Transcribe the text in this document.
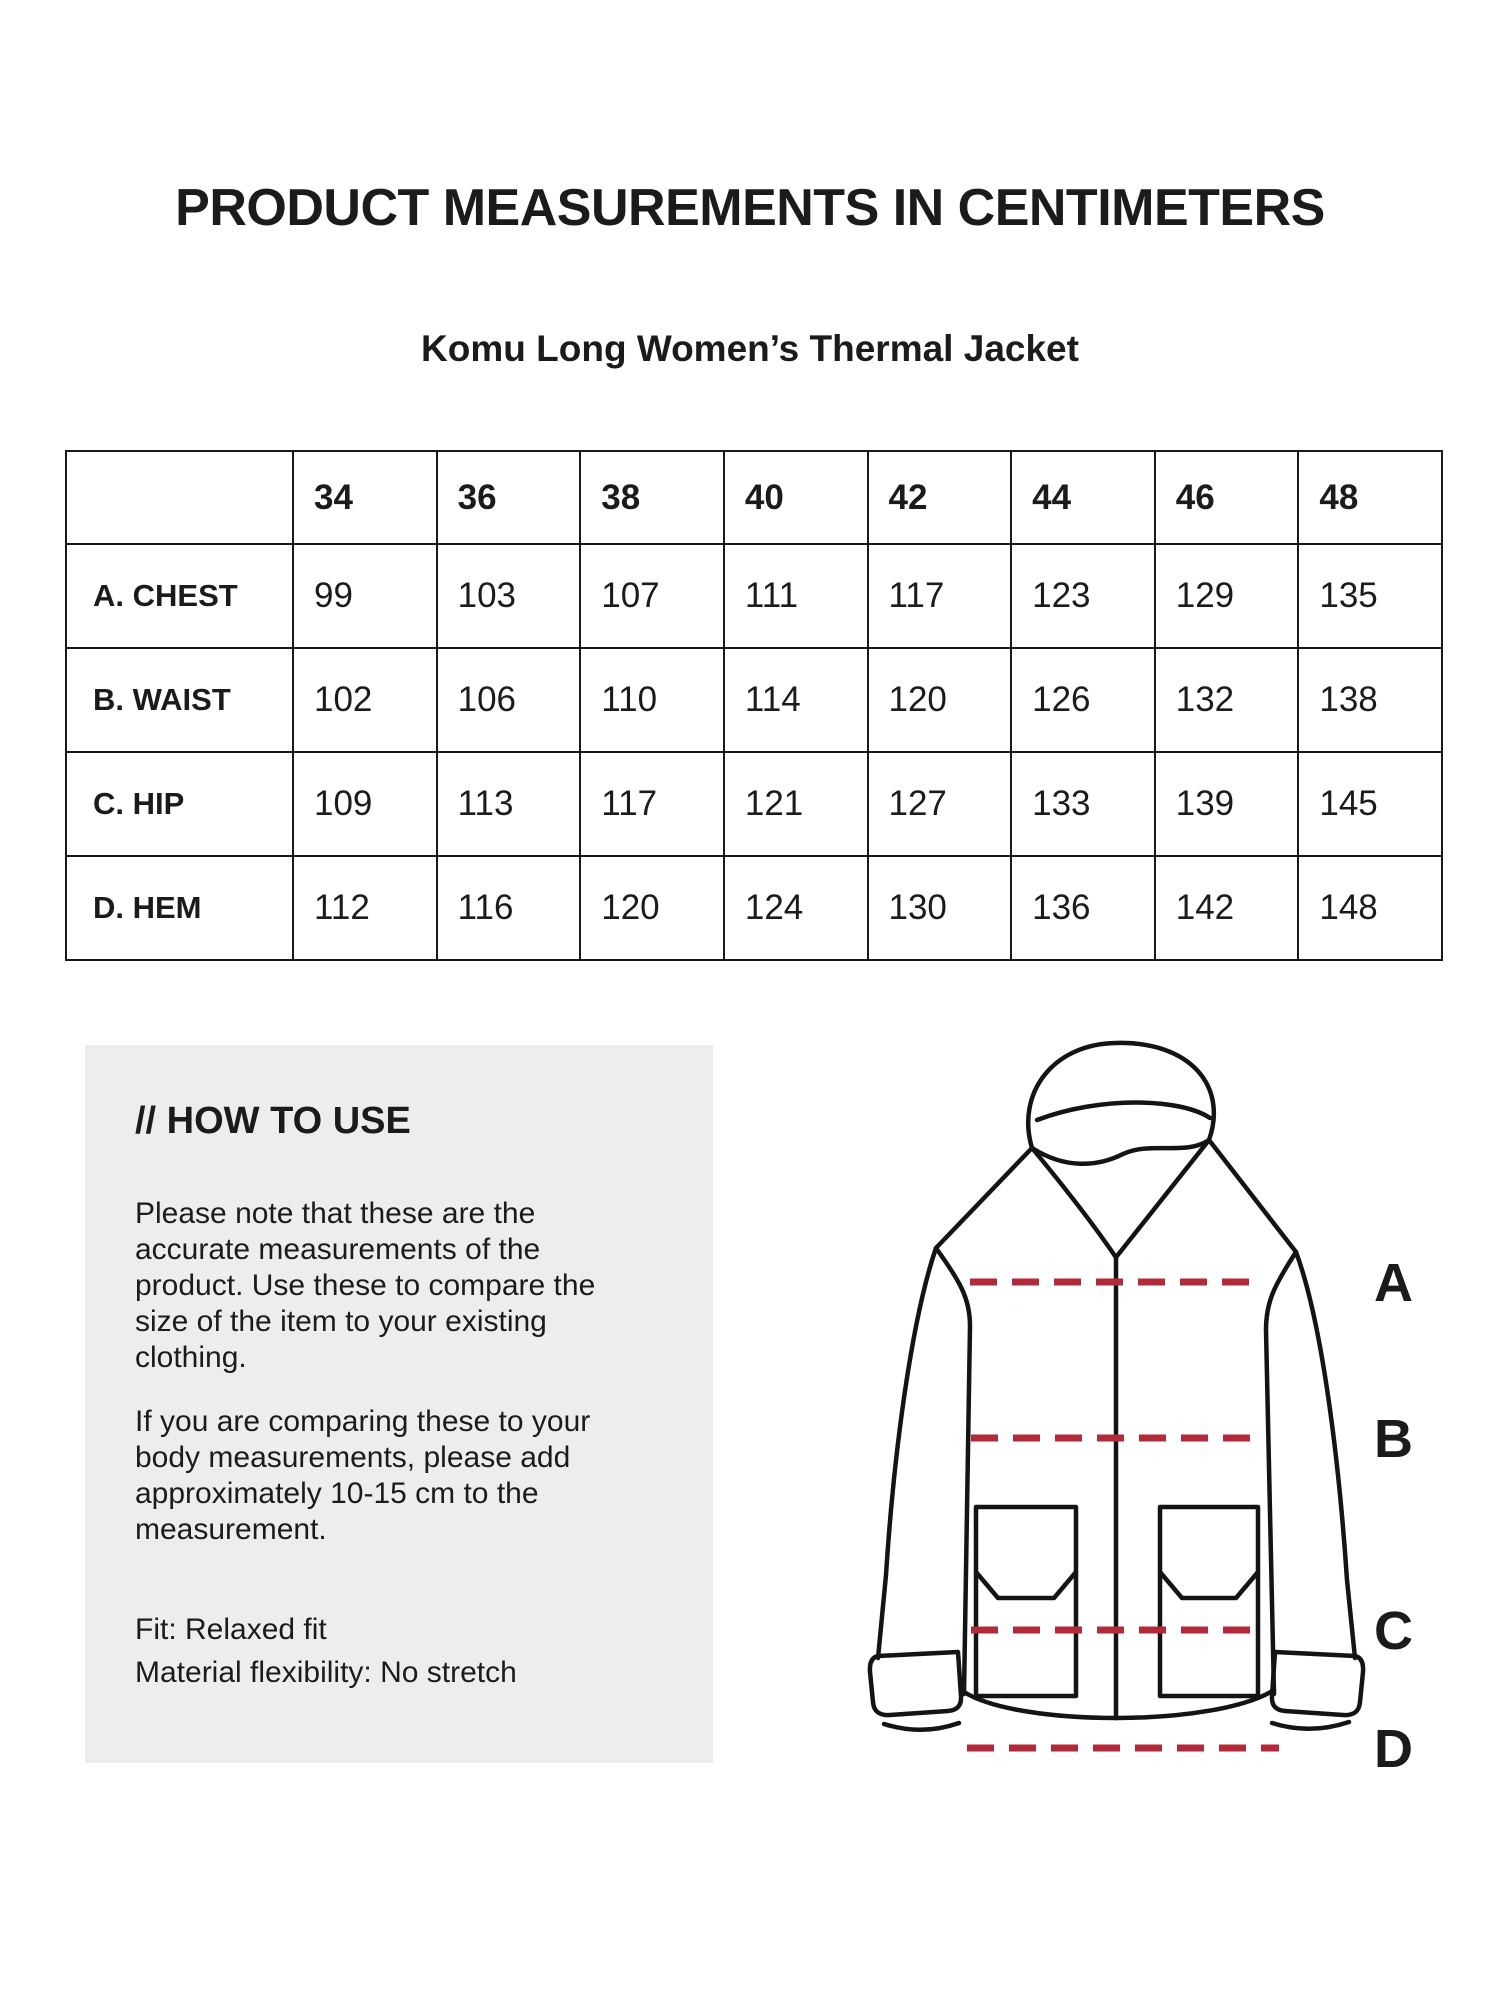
PRODUCT MEASUREMENTS IN CENTIMETERS
Komu Long Women’s Thermal Jacket
	34	36	38	40	42	44	46	48
A. CHEST	99	103	107	111	117	123	129	135
B. WAIST	102	106	110	114	120	126	132	138
C. HIP	109	113	117	121	127	133	139	145
D. HEM	112	116	120	124	130	136	142	148
// HOW TO USE
Please note that these are the accurate measurements of the product. Use these to compare the size of the item to your existing clothing.
If you are comparing these to your body measurements, please add approximately 10-15 cm to the measurement.
Fit: Relaxed fit
Material flexibility: No stretch
A
B
C
D
